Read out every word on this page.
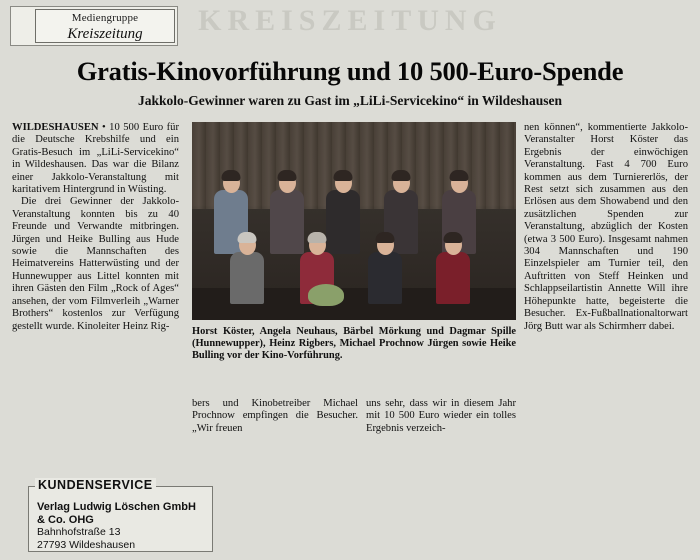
KREISZEITUNG
Mediengruppe
Kreiszeitung
Gratis-Kinovorführung und 10 500-Euro-Spende
Jakkolo-Gewinner waren zu Gast im „LiLi-Servicekino“ in Wildeshausen

WILDESHAUSEN • 10 500 Euro für die Deutsche Krebshilfe und ein Gratis-Besuch im „LiLi-Servicekino“ in Wildeshausen. Das war die Bilanz einer Jakkolo-Veranstaltung mit karitativem Hintergrund in Wüsting.

Die drei Gewinner der Jakkolo-Veranstaltung konnten bis zu 40 Freunde und Verwandte mitbringen. Jürgen und Heike Bulling aus Hude sowie die Mannschaften des Heimatvereins Hatterwüsting und der Hunnewupper aus Littel konnten mit ihren Gästen den Film „Rock of Ages“ ansehen, der vom Filmverleih „Warner Brothers“ kostenlos zur Verfügung gestellt wurde. Kinoleiter Heinz Rig-	Horst Köster, Angela Neuhaus, Bärbel Mörkung und Dagmar Spille (Hunnewupper), Heinz Rigbers, Michael Prochnow Jürgen sowie Heike Bulling vor der Kino-Vorführung.

bers und Kinobetreiber Michael Prochnow empfingen die Besucher. „Wir freuen

uns sehr, dass wir in diesem Jahr mit 10 500 Euro wieder ein tolles Ergebnis verzeich-

nen können“, kommentierte Jakkolo-Veranstalter Horst Köster das Ergebnis der einwöchigen Veranstaltung. Fast 4 700 Euro kommen aus dem Turniererlös, der Rest setzt sich zusammen aus den Erlösen aus dem Showabend und den zusätzlichen Spenden zur Veranstaltung, abzüglich der Kosten (etwa 3 500 Euro). Insgesamt nahmen 304 Mannschaften und 190 Einzelspieler am Turnier teil, den Auftritten von Steff Heinken und Schlappseilartistin Annette Will ihre Höhepunkte hatte, begeisterte die Besucher. Ex-Fußballnationaltorwart Jörg Butt war als Schirmherr dabei.

KUNDENSERVICE
Verlag Ludwig Löschen GmbH
& Co. OHG
Bahnhofstraße 13
27793 Wildeshausen
